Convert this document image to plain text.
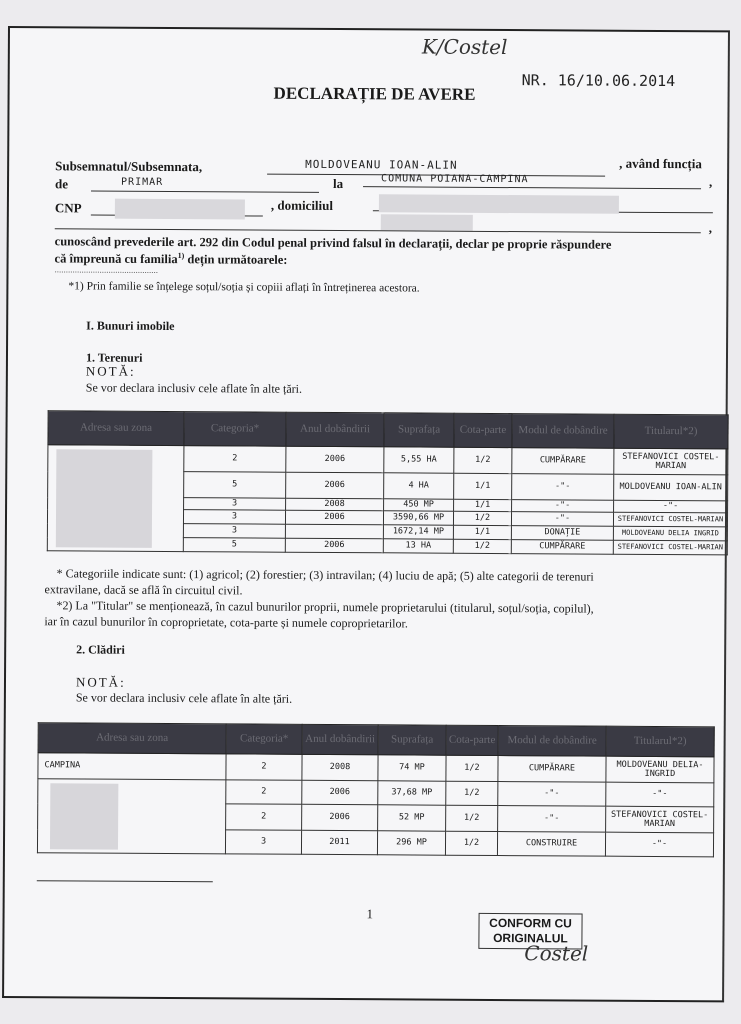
K/Costel
DECLARAȚIE DE AVERE
NR. 16/10.06.2014
Subsemnatul/Subsemnata,	MOLDOVEANU IOAN-ALIN	, având funcția
de	PRIMAR	la	COMUNA POIANA-CAMPINA	,
CNP	, domiciliul
,
cunoscând prevederile art. 292 din Codul penal privind falsul în declarații, declar pe proprie răspundere
că împreună cu familia$^{1)}$ dețin următoarele:
..............................................
*1) Prin familie se înțelege soțul/soția și copiii aflați în întreținerea acestora.
I. Bunuri imobile
1. Terenuri
NOTĂ:
Se vor declara inclusiv cele aflate în alte țări.
Adresa sau zona	Categoria*	Anul dobândirii	Suprafața	Cota-parte	Modul de dobândire	Titularul*2)

	2	2006	5,55 HA	1/2	CUMPĂRARE	STEFANOVICI COSTEL-MARIAN
	5	2006	4 HA	1/1	-"-	MOLDOVEANU IOAN-ALIN
	3	2008	450 MP	1/1	-"-	-"-
	3	2006	3590,66 MP	1/2	-"-	STEFANOVICI COSTEL-MARIAN
	3		1672,14 MP	1/1	DONAȚIE	MOLDOVEANU DELIA INGRID
	5	2006	13 HA	1/2	CUMPĂRARE	STEFANOVICI COSTEL-MARIAN
* Categoriile indicate sunt: (1) agricol; (2) forestier; (3) intravilan; (4) luciu de apă; (5) alte categorii de terenuri
extravilane, dacă se află în circuitul civil.
*2) La "Titular" se menționează, în cazul bunurilor proprii, numele proprietarului (titularul, soțul/soția, copilul),
iar în cazul bunurilor în coproprietate, cota-parte și numele coproprietarilor.
2. Clădiri
NOTĂ:
Se vor declara inclusiv cele aflate în alte țări.
Adresa sau zona	Categoria*	Anul dobândirii	Suprafața	Cota-parte	Modul de dobândire	Titularul*2)
CAMPINA	2	2008	74 MP	1/2	CUMPĂRARE	MOLDOVEANU DELIA-INGRID

	2	2006	37,68 MP	1/2	-"-	-"-
	2	2006	52 MP	1/2	-"-	STEFANOVICI COSTEL-MARIAN
	3	2011	296 MP	1/2	CONSTRUIRE	-"-
1
CONFORM CU
ORIGINALUL
Costel
